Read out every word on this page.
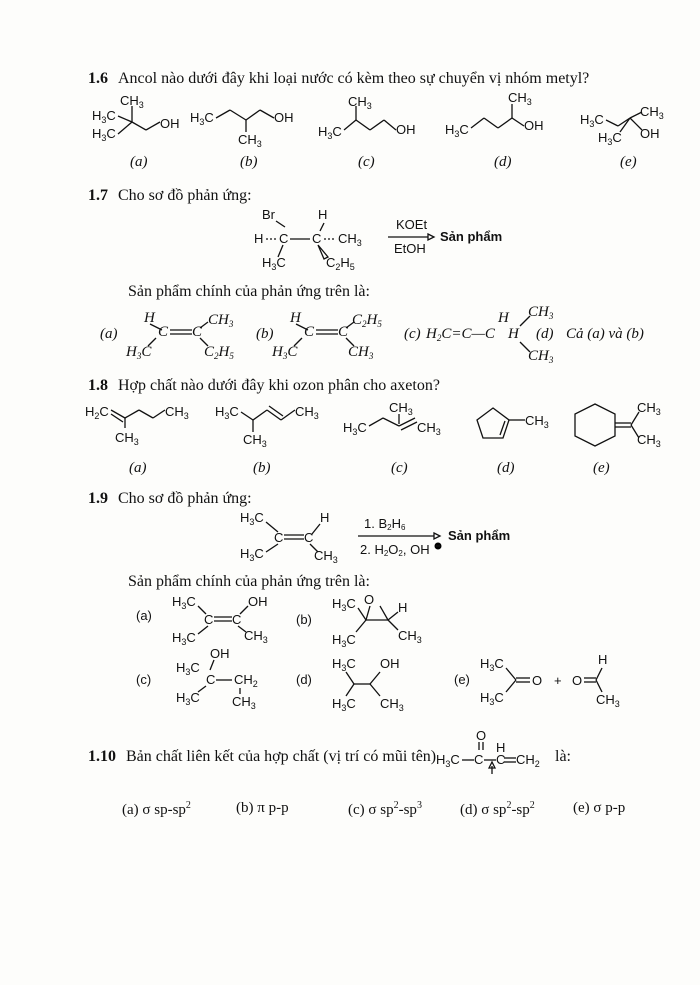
1.6 Ancol nào dưới đây khi loại nước có kèm theo sự chuyển vị nhóm metyl?
$H_3C$
$H_3C$
$CH_3$
OH $H_3C$	OH
$CH_3$
$H_3C$
$CH_3$
OH $H_3C$
$CH_3$
OH	$H_3C$
$CH_3$
$H_3C$ OH
(a)	(b)	(c)	(d)	(e)
1.7 Cho sơ đồ phản ứng:
Br	H
H C C $CH_3$
$H_3C$	$C_2H_5$
KOEt
EtOH
Sản phẩm
Sản phẩm chính của phản ứng trên là:
(a)
H
C C
$CH_3$
$H_3C$	$C_2H_5$
(b)
H
C C
$C_2H_5$
$H_3C$	$CH_3$
(c) $H_2C=C—C$
H
H
$CH_3$
$CH_3$
(d) Cả (a) và (b)
1.8 Hợp chất nào dưới đây khi ozon phân cho axeton?
$H_2C$
$CH_3$
$CH_3$ $H_3C$
$CH_3$
$CH_3$
$CH_3$
$H_3C$	$CH_3$
$CH_3$
$CH_3$
$CH_3$
(a)	(b)	(c)	(d)	(e)
1.9 Cho sơ đồ phản ứng:
$H_3C$
C C
H
$H_3C$	$CH_3$
1. B2H6
2. H2O2, OH
Sản phẩm
Sản phẩm chính của phản ứng trên là:
(a)
$H_3C$
C C
OH
$H_3C$	$CH_3$
(b)
$H_3C$ O
H
$H_3C$	$CH_3$
(c)
OH
$H_3C$
C $CH_2$
$H_3C$ $CH_3$
(d)
$H_3C$
$H_3C$
OH
$CH_3$
(e)
$H_3C$
$H_3C$
O + O
H
$CH_3$
1.10 Bản chất liên kết của hợp chất (vị trí có mũi tên) $H_3C$ C
O
H
C $CH_2$ là:
(a) σ $sp-sp^2$	(b) π p-p	(c) σ $sp^2-sp^3$	(d) σ $sp^2-sp^2$	(e) σ p-p
